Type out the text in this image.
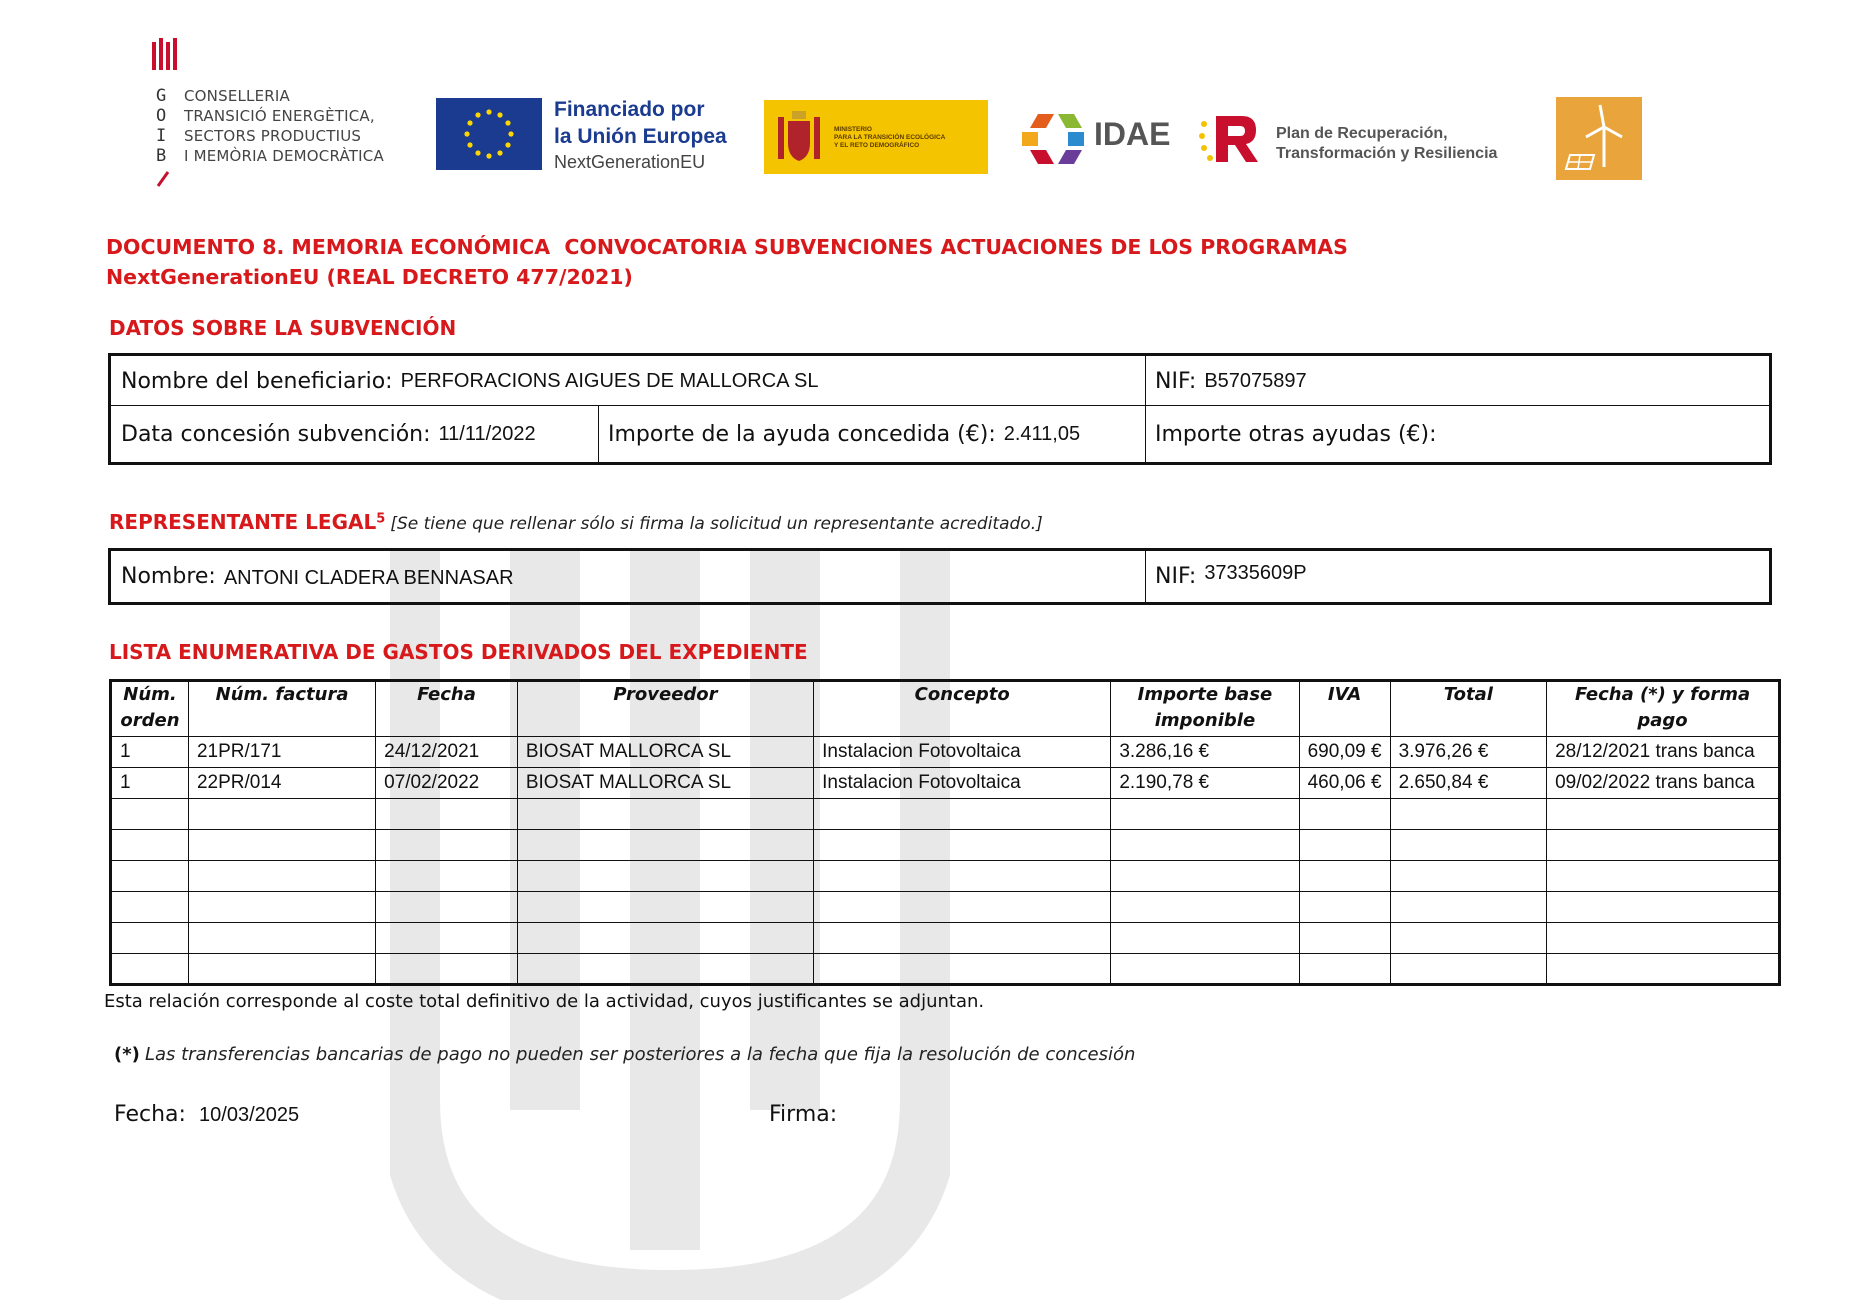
G
O
I
B
CONSELLERIA
TRANSICIÓ ENERGÈTICA,
SECTORS PRODUCTIUS
I MEMÒRIA DEMOCRÀTICA
Financiado por
la Unión Europea
NextGenerationEU
MINISTERIO
PARA LA TRANSICIÓN ECOLÓGICA
Y EL RETO DEMOGRÁFICO	IDAE	Plan de Recuperación,
Transformación y Resiliencia
DOCUMENTO 8. MEMORIA ECONÓMICA  CONVOCATORIA SUBVENCIONES ACTUACIONES DE LOS PROGRAMAS
NextGenerationEU (REAL DECRETO 477/2021)
DATOS SOBRE LA SUBVENCIÓN
Nombre del beneficiario: PERFORACIONS AIGUES DE MALLORCA SL	NIF: B57075897
Data concesión subvención: 11/11/2022	Importe de la ayuda concedida (€): 2.411,05	Importe otras ayudas (€):
REPRESENTANTE LEGAL$^5$ [Se tiene que rellenar sólo si firma la solicitud un representante acreditado.]
Nombre: ANTONI CLADERA BENNASAR	NIF: 37335609P
LISTA ENUMERATIVA DE GASTOS DERIVADOS DEL EXPEDIENTE
Núm. orden	Núm. factura	Fecha	Proveedor	Concepto	Importe base imponible	IVA	Total	Fecha (*) y forma pago
1	21PR/171	24/12/2021	BIOSAT MALLORCA SL	Instalacion Fotovoltaica	3.286,16 €	690,09 €	3.976,26 €	28/12/2021 trans banca
1	22PR/014	07/02/2022	BIOSAT MALLORCA SL	Instalacion Fotovoltaica	2.190,78 €	460,06 €	2.650,84 €	09/02/2022 trans banca

Esta relación corresponde al coste total definitivo de la actividad, cuyos justificantes se adjuntan.
(*) Las transferencias bancarias de pago no pueden ser posteriores a la fecha que fija la resolución de concesión
Fecha: 10/03/2025	Firma:
